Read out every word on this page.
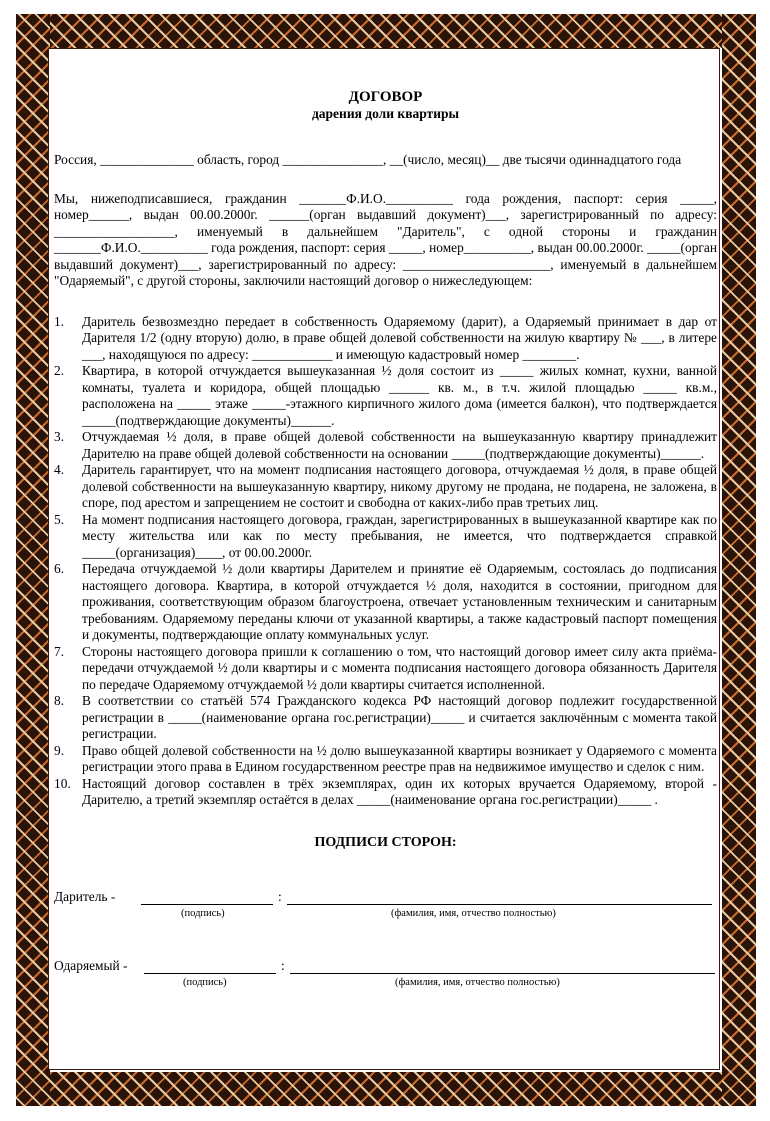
ДОГОВОР

дарения доли квартиры

Россия, ______________ область, город _______________, __(число, месяц)__ две тысячи одиннадцатого года

Мы, нижеподписавшиеся, гражданин _______Ф.И.О.__________ года рождения, паспорт: серия _____, номер______, выдан 00.00.2000г. ______(орган выдавший документ)___, зарегистрированный по адресу: __________________, именуемый в дальнейшем "Даритель", с одной стороны и гражданин _______Ф.И.О.__________ года рождения, паспорт: серия _____, номер__________, выдан 00.00.2000г. _____(орган выдавший документ)___, зарегистрированный по адресу: ______________________, именуемый в дальнейшем "Одаряемый", с другой стороны, заключили настоящий договор о нижеследующем:

1.	Даритель безвозмездно передает в собственность Одаряемому (дарит), а Одаряемый принимает в дар от Дарителя 1/2 (одну вторую) долю, в праве общей долевой собственности на жилую квартиру № ___, в литере ___, находящуюся по адресу: ____________ и имеющую кадастровый номер ________.
2.	Квартира, в которой отчуждается вышеуказанная ½ доля состоит из _____ жилых комнат, кухни, ванной комнаты, туалета и коридора, общей площадью ______ кв. м., в т.ч. жилой площадью _____ кв.м., расположена на _____ этаже _____-этажного кирпичного жилого дома (имеется балкон), что подтверждается _____(подтверждающие документы)______.
3.	Отчуждаемая ½ доля, в праве общей долевой собственности на вышеуказанную квартиру принадлежит Дарителю на праве общей долевой собственности на основании _____(подтверждающие документы)______.
4.	Даритель гарантирует, что на момент подписания настоящего договора, отчуждаемая ½ доля, в праве общей долевой собственности на вышеуказанную квартиру, никому другому не продана, не подарена, не заложена, в споре, под арестом и запрещением не состоит и свободна от каких-либо прав третьих лиц.
5.	На момент подписания настоящего договора, граждан, зарегистрированных в вышеуказанной квартире как по месту жительства или как по месту пребывания, не имеется, что подтверждается справкой _____(организация)____, от 00.00.2000г.
6.	Передача отчуждаемой ½ доли квартиры Дарителем и принятие её Одаряемым, состоялась до подписания настоящего договора. Квартира, в которой отчуждается ½ доля, находится в состоянии, пригодном для проживания, соответствующим образом благоустроена, отвечает установленным техническим и санитарным требованиям. Одаряемому переданы ключи от указанной квартиры, а также кадастровый паспорт помещения и документы, подтверждающие оплату коммунальных услуг.
7.	Стороны настоящего договора пришли к соглашению о том, что настоящий договор имеет силу акта приёма-передачи отчуждаемой ½ доли квартиры и с момента подписания настоящего договора обязанность Дарителя по передаче Одаряемому отчуждаемой ½ доли квартиры считается исполненной.
8.	В соответствии со статьёй 574 Гражданского кодекса РФ настоящий договор подлежит государственной регистрации в _____(наименование органа гос.регистрации)_____ и считается заключённым с момента такой регистрации.
9.	Право общей долевой собственности на ½ долю вышеуказанной квартиры возникает у Одаряемого с момента регистрации этого права в Едином государственном реестре прав на недвижимое имущество и сделок с ним.
10. Настоящий договор составлен в трёх экземплярах, один их которых вручается Одаряемому, второй - Дарителю, а третий экземпляр остаётся в делах _____(наименование органа гос.регистрации)_____ .

ПОДПИСИ СТОРОН:

Даритель -	:
(подпись)	(фамилия, имя, отчество полностью)
Одаряемый -	:
(подпись)	(фамилия, имя, отчество полностью)
